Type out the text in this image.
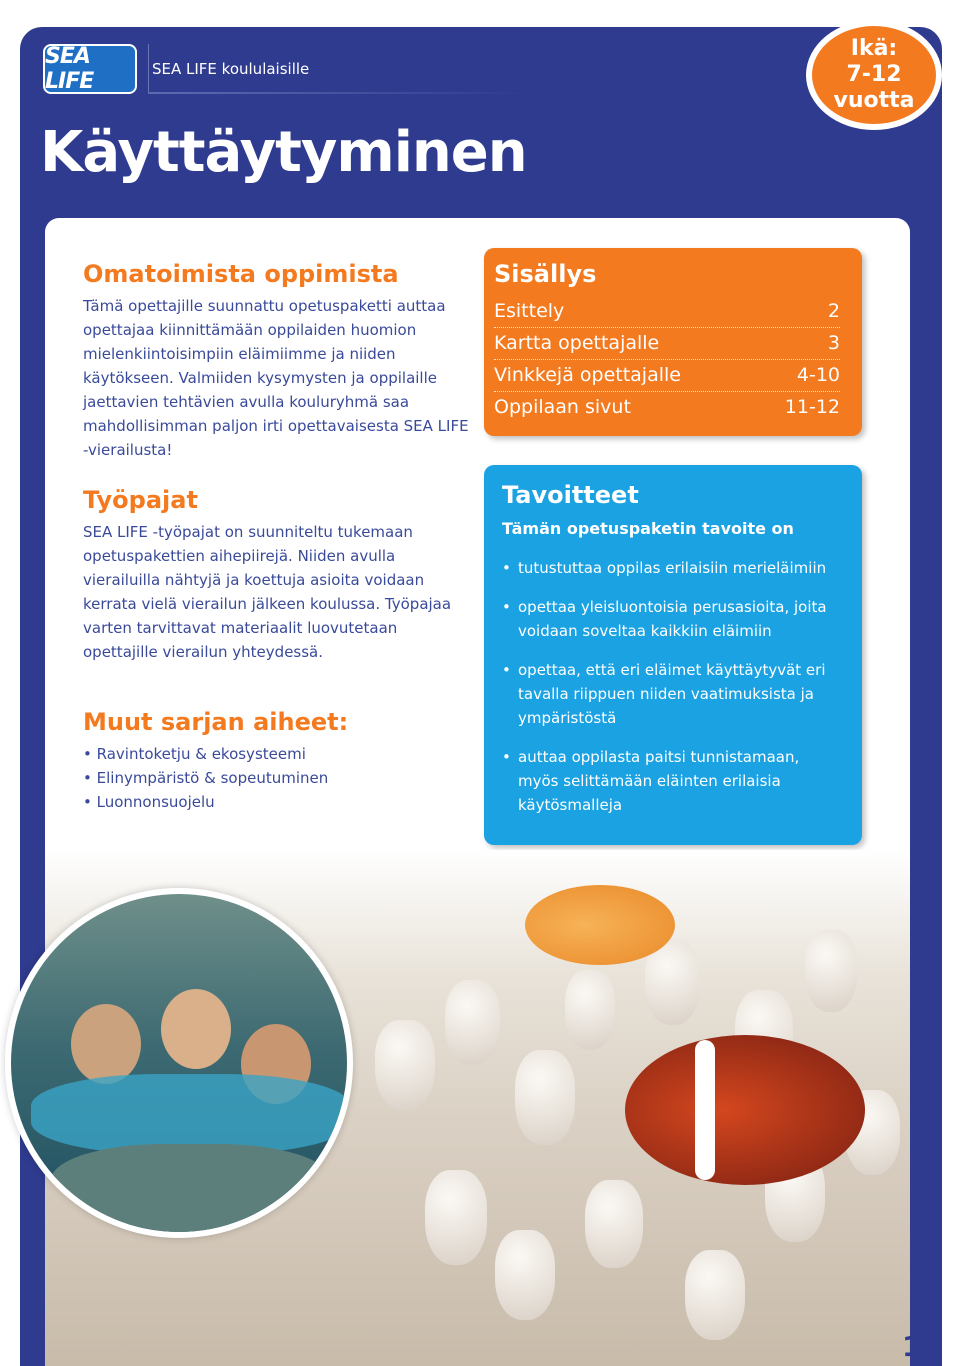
SEA LIFE	SEA LIFE koululaisille
Käyttäytyminen
Ikä:
7-12
vuotta
Omatoimista oppimista

Tämä opettajille suunnattu opetuspaketti auttaa opettajaa kiinnittämään oppilaiden huomion mielenkiintoisimpiin eläimiimme ja niiden käytökseen. Valmiiden kysymysten ja oppilaille jaettavien tehtävien avulla kouluryhmä saa mahdollisimman paljon irti opettavaisesta SEA LIFE -vierailusta!

Työpajat

SEA LIFE -työpajat on suunniteltu tukemaan opetuspakettien aihepiirejä. Niiden avulla vierailuilla nähtyjä ja koettuja asioita voidaan kerrata vielä vierailun jälkeen koulussa. Työpajaa varten tarvittavat materiaalit luovutetaan opettajille vierailun yhteydessä.

Muut sarjan aiheet:
• Ravintoketju & ekosysteemi
• Elinympäristö & sopeutuminen
• Luonnonsuojelu
Sisällys
Esittely	2
Kartta opettajalle	3
Vinkkejä opettajalle	4-10
Oppilaan sivut	11-12
Tavoitteet

Tämän opetuspaketin tavoite on

• tutustuttaa oppilas erilaisiin merieläimiin
• opettaa yleisluontoisia perusasioita, joita voidaan soveltaa kaikkiin eläimiin
• opettaa, että eri eläimet käyttäytyvät eri tavalla riippuen niiden vaatimuksista ja ympäristöstä
• auttaa oppilasta paitsi tunnistamaan, myös selittämään eläinten erilaisia käytösmalleja
1
